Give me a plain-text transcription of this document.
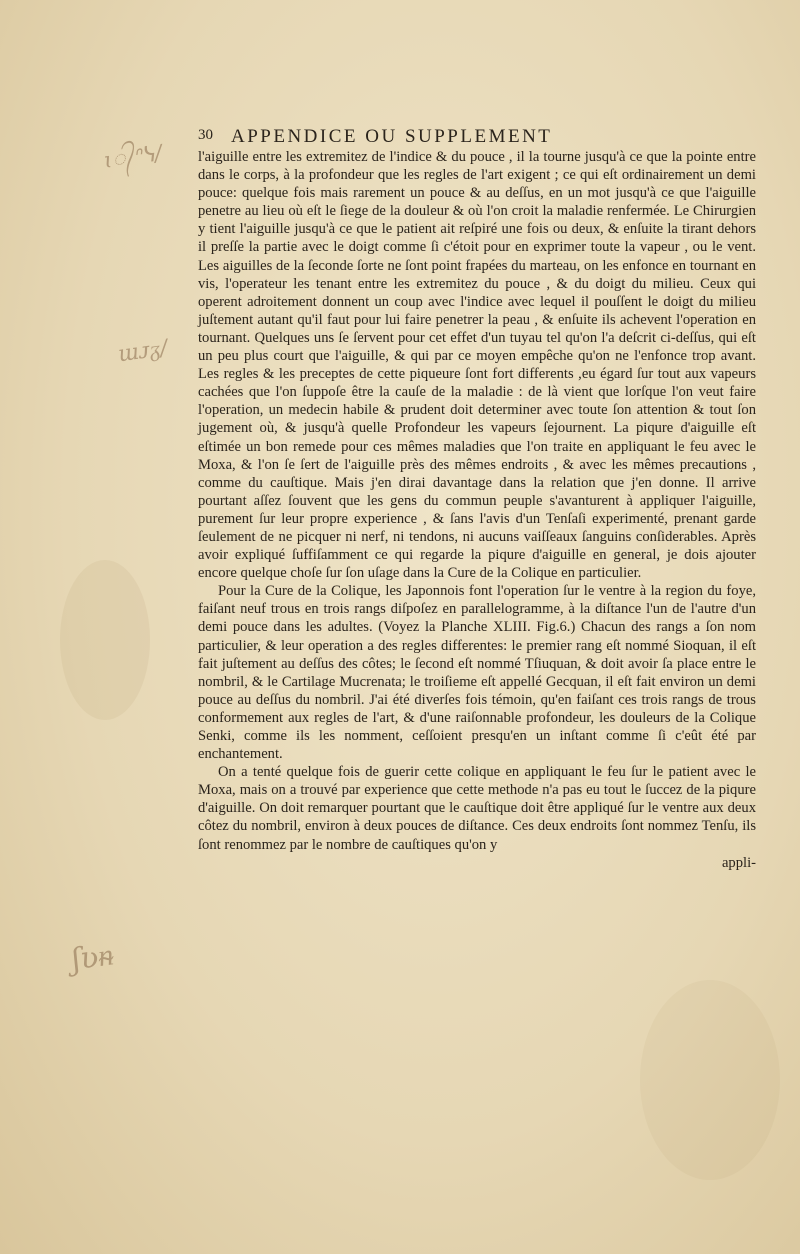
ɩ᭄ᐢᓭ/
ɯᴊᵹ/
ʃʋᵰ
30 APPENDICE OU SUPPLEMENT

l'aiguille entre les extremitez de l'indice & du pouce , il la tourne jusqu'à ce que la pointe entre dans le corps, à la profondeur que les regles de l'art exigent ; ce qui eſt ordinairement un demi pouce: quelque fois mais rarement un pouce & au deſſus, en un mot jusqu'à ce que l'aiguille penetre au lieu où eſt le ſiege de la douleur & où l'on croit la maladie renfermée. Le Chirurgien y tient l'aiguille jusqu'à ce que le patient ait reſpiré une fois ou deux, & enſuite la tirant dehors il preſſe la partie avec le doigt comme ſi c'étoit pour en exprimer toute la vapeur , ou le vent. Les aiguilles de la ſeconde ſorte ne ſont point frapées du marteau, on les enfonce en tournant en vis, l'operateur les tenant entre les extremitez du pouce , & du doigt du milieu. Ceux qui operent adroitement donnent un coup avec l'indice avec lequel il pouſſent le doigt du milieu juſtement autant qu'il faut pour lui faire penetrer la peau , & enſuite ils achevent l'operation en tournant. Quelques uns ſe ſervent pour cet effet d'un tuyau tel qu'on l'a deſcrit ci-deſſus, qui eſt un peu plus court que l'aiguille, & qui par ce moyen empêche qu'on ne l'enfonce trop avant. Les regles & les preceptes de cette piqueure ſont fort differents ,eu égard ſur tout aux vapeurs cachées que l'on ſuppoſe être la cauſe de la maladie : de là vient que lorſque l'on veut faire l'operation, un medecin habile & prudent doit determiner avec toute ſon attention & tout ſon jugement où, & jusqu'à quelle Profondeur les vapeurs ſejournent. La piqure d'aiguille eſt eſtimée un bon remede pour ces mêmes maladies que l'on traite en appliquant le feu avec le Moxa, & l'on ſe ſert de l'aiguille près des mêmes endroits , & avec les mêmes precautions , comme du cauſtique. Mais j'en dirai davantage dans la relation que j'en donne. Il arrive pourtant aſſez ſouvent que les gens du commun peuple s'avanturent à appliquer l'aiguille, purement ſur leur propre experience , & ſans l'avis d'un Tenſaſi experimenté, prenant garde ſeulement de ne picquer ni nerf, ni tendons, ni aucuns vaiſſeaux ſanguins conſiderables. Après avoir expliqué ſuffiſamment ce qui regarde la piqure d'aiguille en general, je dois ajouter encore quelque choſe ſur ſon uſage dans la Cure de la Colique en particulier.

Pour la Cure de la Colique, les Japonnois font l'operation ſur le ventre à la region du foye, faiſant neuf trous en trois rangs diſpoſez en parallelogramme, à la diſtance l'un de l'autre d'un demi pouce dans les adultes. (Voyez la Planche XLIII. Fig.6.) Chacun des rangs a ſon nom particulier, & leur operation a des regles differentes: le premier rang eſt nommé Sioquan, il eſt fait juſtement au deſſus des côtes; le ſecond eſt nommé Tſiuquan, & doit avoir ſa place entre le nombril, & le Cartilage Mucrenata; le troiſieme eſt appellé Gecquan, il eſt fait environ un demi pouce au deſſus du nombril. J'ai été diverſes fois témoin, qu'en faiſant ces trois rangs de trous conformement aux regles de l'art, & d'une raiſonnable profondeur, les douleurs de la Colique Senki, comme ils les nomment, ceſſoient presqu'en un inſtant comme ſi c'eût été par enchantement.

On a tenté quelque fois de guerir cette colique en appliquant le feu ſur le patient avec le Moxa, mais on a trouvé par experience que cette methode n'a pas eu tout le ſuccez de la piqure d'aiguille. On doit remarquer pourtant que le cauſtique doit être appliqué ſur le ventre aux deux côtez du nombril, environ à deux pouces de diſtance. Ces deux endroits ſont nommez Tenſu, ils ſont renommez par le nombre de cauſtiques qu'on y

appli-
